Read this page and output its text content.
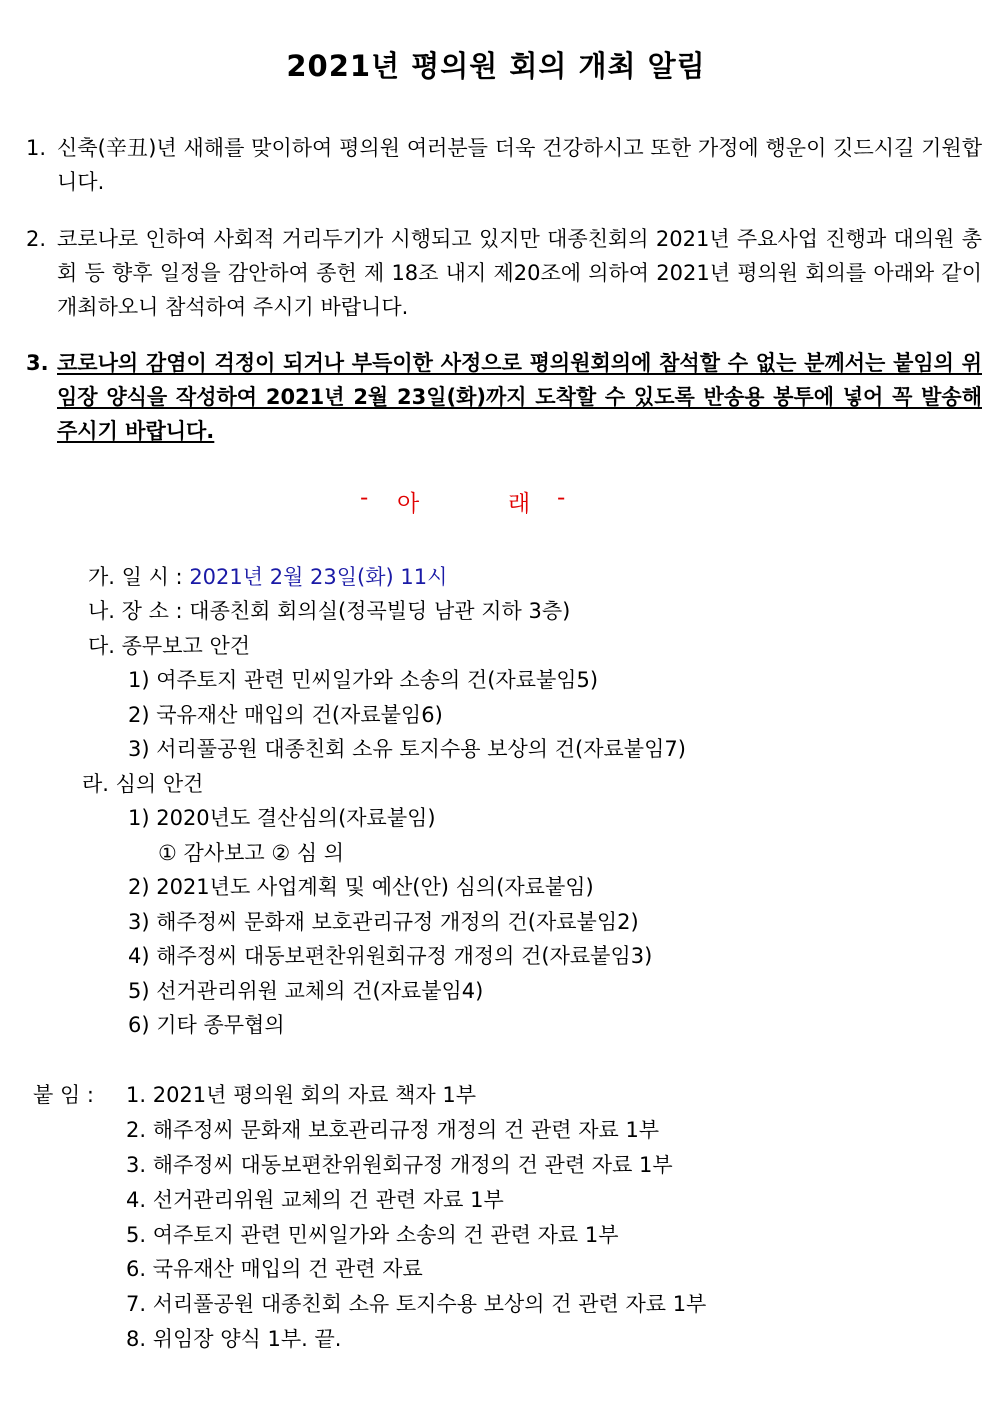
2021년 평의원 회의 개최 알림
1. 신축(辛丑)년 새해를 맞이하여 평의원 여러분들 더욱 건강하시고 또한 가정에 행운이 깃드시길 기원합니다.
2. 코로나로 인하여 사회적 거리두기가 시행되고 있지만 대종친회의 2021년 주요사업 진행과 대의원 총회 등 향후 일정을 감안하여 종헌 제 18조 내지 제20조에 의하여 2021년 평의원 회의를 아래와 같이 개최하오니 참석하여 주시기 바랍니다.
3. 코로나의 감염이 걱정이 되거나 부득이한 사정으로 평의원회의에 참석할 수 없는 분께서는 붙임의 위임장 양식을 작성하여 2021년 2월 23일(화)까지 도착할 수 있도록 반송용 봉투에 넣어 꼭 발송해 주시기 바랍니다.
- 아	래 -
가. 일 시 : 2021년 2월 23일(화) 11시
나. 장 소 : 대종친회 회의실(정곡빌딩 남관 지하 3층)
다. 종무보고 안건
1) 여주토지 관련 민씨일가와 소송의 건(자료붙임5)
2) 국유재산 매입의 건(자료붙임6)
3) 서리풀공원 대종친회 소유 토지수용 보상의 건(자료붙임7)
라. 심의 안건
1) 2020년도 결산심의(자료붙임)
① 감사보고 ② 심 의
2) 2021년도 사업계획 및 예산(안) 심의(자료붙임)
3) 해주정씨 문화재 보호관리규정 개정의 건(자료붙임2)
4) 해주정씨 대동보편찬위원회규정 개정의 건(자료붙임3)
5) 선거관리위원 교체의 건(자료붙임4)
6) 기타 종무협의
붙 임 : 1. 2021년 평의원 회의 자료 책자 1부
2. 해주정씨 문화재 보호관리규정 개정의 건 관련 자료 1부
3. 해주정씨 대동보편찬위원회규정 개정의 건 관련 자료 1부
4. 선거관리위원 교체의 건 관련 자료 1부
5. 여주토지 관련 민씨일가와 소송의 건 관련 자료 1부
6. 국유재산 매입의 건 관련 자료
7. 서리풀공원 대종친회 소유 토지수용 보상의 건 관련 자료 1부
8. 위임장 양식 1부. 끝.
